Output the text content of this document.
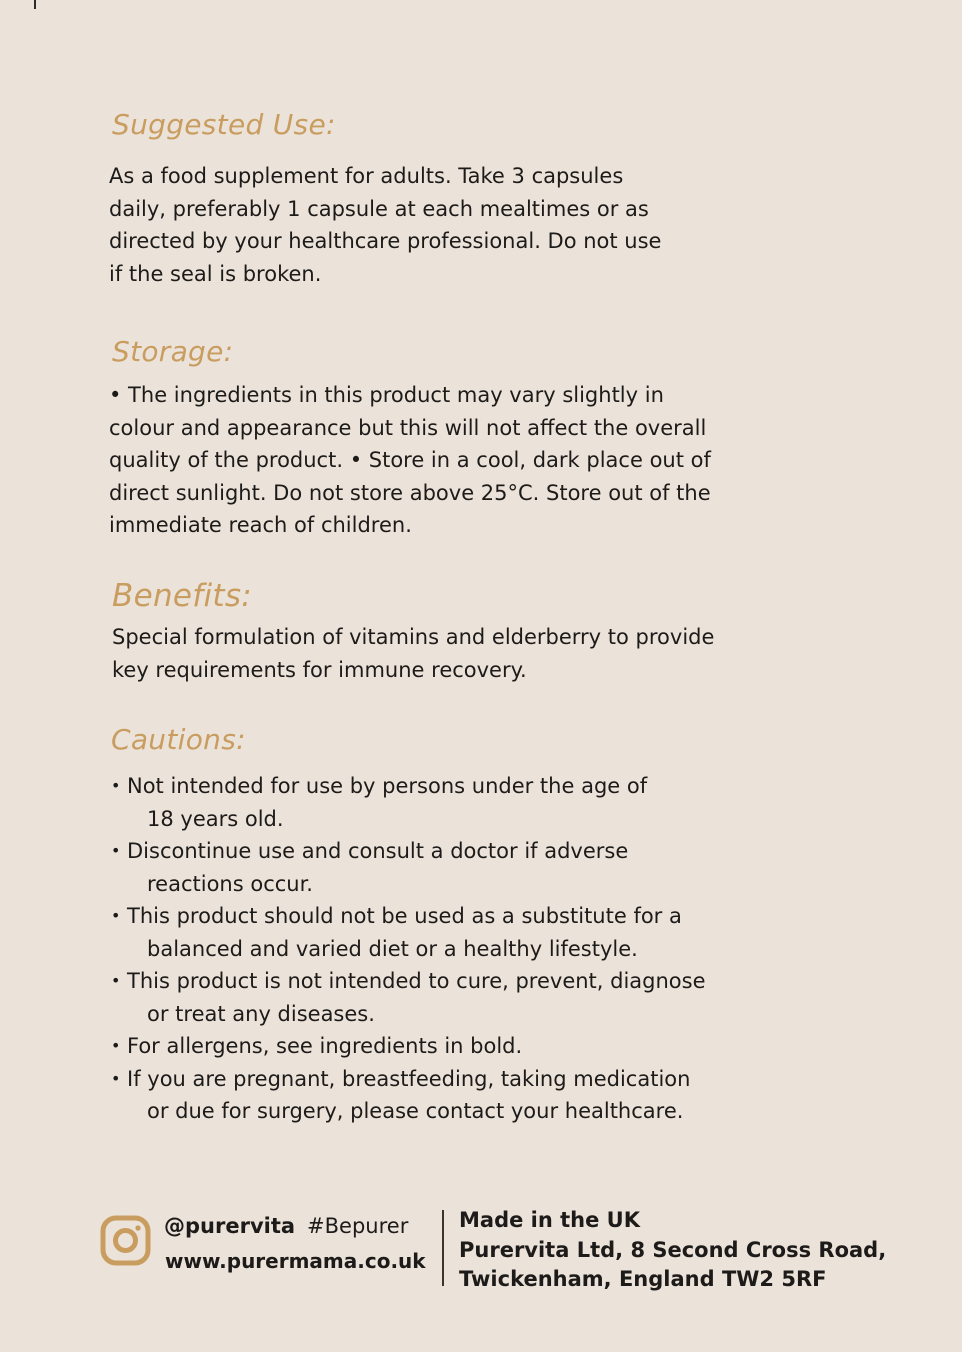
Suggested Use:
As a food supplement for adults. Take 3 capsules
daily, preferably 1 capsule at each mealtimes or as
directed by your healthcare professional. Do not use
if the seal is broken.
Storage:
• The ingredients in this product may vary slightly in
colour and appearance but this will not affect the overall
quality of the product. • Store in a cool, dark place out of
direct sunlight. Do not store above 25°C. Store out of the
immediate reach of children.
Benefits:
Special formulation of vitamins and elderberry to provide
key requirements for immune recovery.
Cautions:
• Not intended for use by persons under the age of
18 years old.
• Discontinue use and consult a doctor if adverse
reactions occur.
• This product should not be used as a substitute for a
balanced and varied diet or a healthy lifestyle.
• This product is not intended to cure, prevent, diagnose
or treat any diseases.
• For allergens, see ingredients in bold.
• If you are pregnant, breastfeeding, taking medication
or due for surgery, please contact your healthcare.
@purervita #Bepurer
www.purermama.co.uk
Made in the UK
Purervita Ltd, 8 Second Cross Road,
Twickenham, England TW2 5RF
